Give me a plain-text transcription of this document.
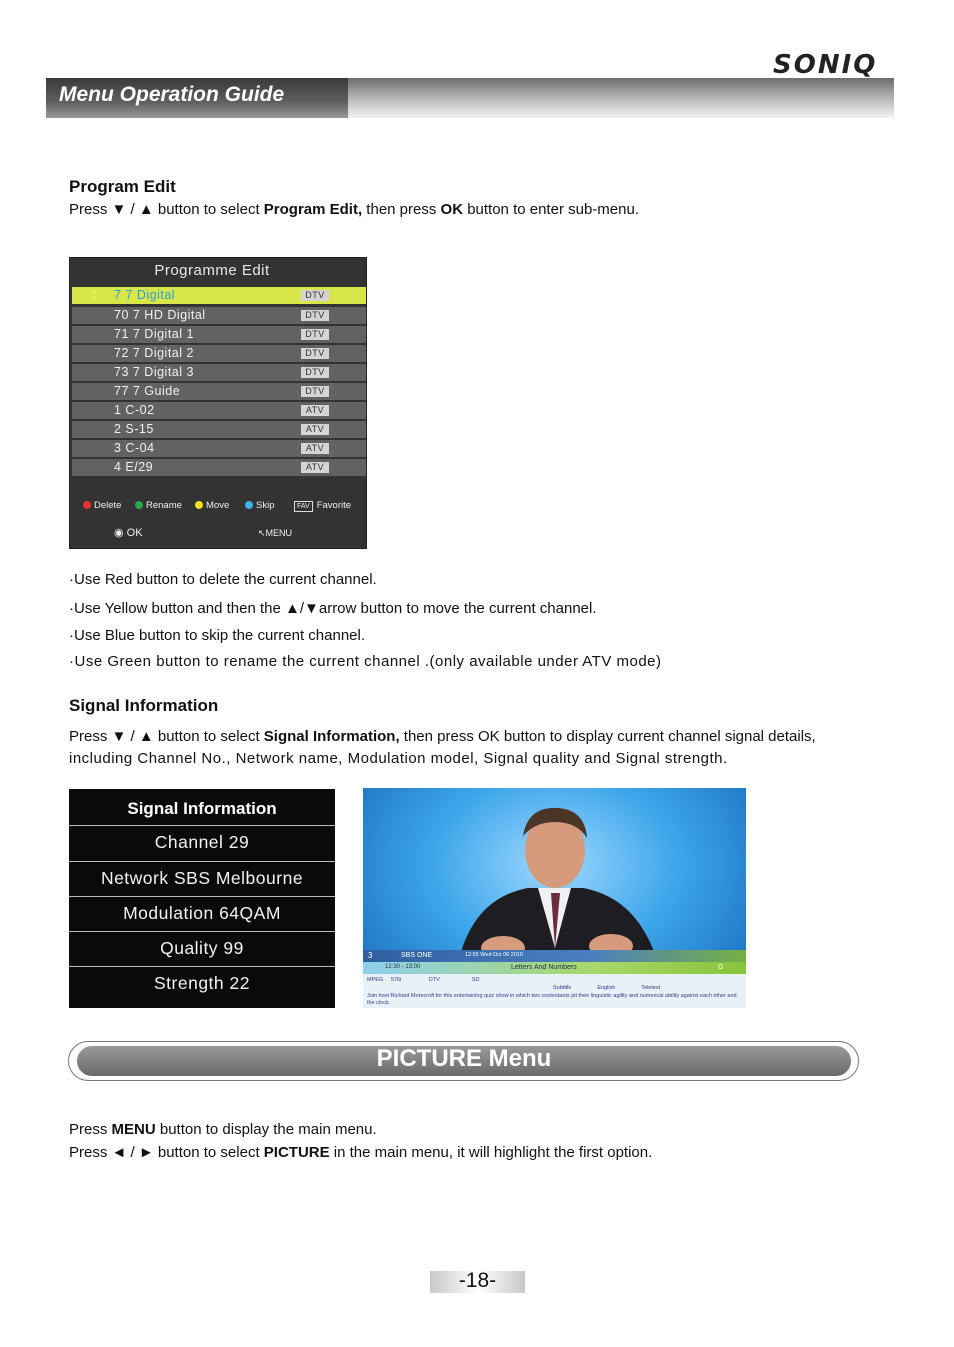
Menu Operation Guide
SONIQ
Program Edit
Press ▼ / ▲ button to select Program Edit, then press OK button to enter sub-menu.
Programme Edit
: 7 7 Digital	DTV
70 7 HD Digital	DTV
71 7 Digital 1	DTV
72 7 Digital 2	DTV
73 7 Digital 3	DTV
77 7 Guide	DTV
1 C-02	ATV
2 S-15	ATV
3 C-04	ATV
4 E/29	ATV
Delete	Rename	Move	Skip	FAV Favorite
◉ OK	↖MENU
·Use Red button to delete the current channel.
·Use Yellow button and then the ▲/▼arrow button to move the current channel.
·Use Blue button to skip the current channel.
·Use Green button to rename the current channel .(only available under ATV mode)
Signal Information
Press ▼ / ▲ button to select Signal Information, then press OK button to display current channel signal details,
including Channel No., Network name, Modulation model, Signal quality and Signal strength.
Signal Information
Channel 29
Network SBS Melbourne
Modulation 64QAM
Quality 99
Strength 22
3	SBS ONE	12:55 Wed Oct 06 2010
12:30 - 13:00	Letters And Numbers	G
MPEG     576i                  DTV                     SD
Subtitle                 English                 Teletext
Join host Richard Morecroft for this entertaining quiz show in which two contestants pit their linguistic agility and numerical ability against each other and the clock.
PICTURE Menu
Press MENU button to display the main menu.
Press ◄ / ► button to select PICTURE in the main menu, it will highlight the first option.
-18-
